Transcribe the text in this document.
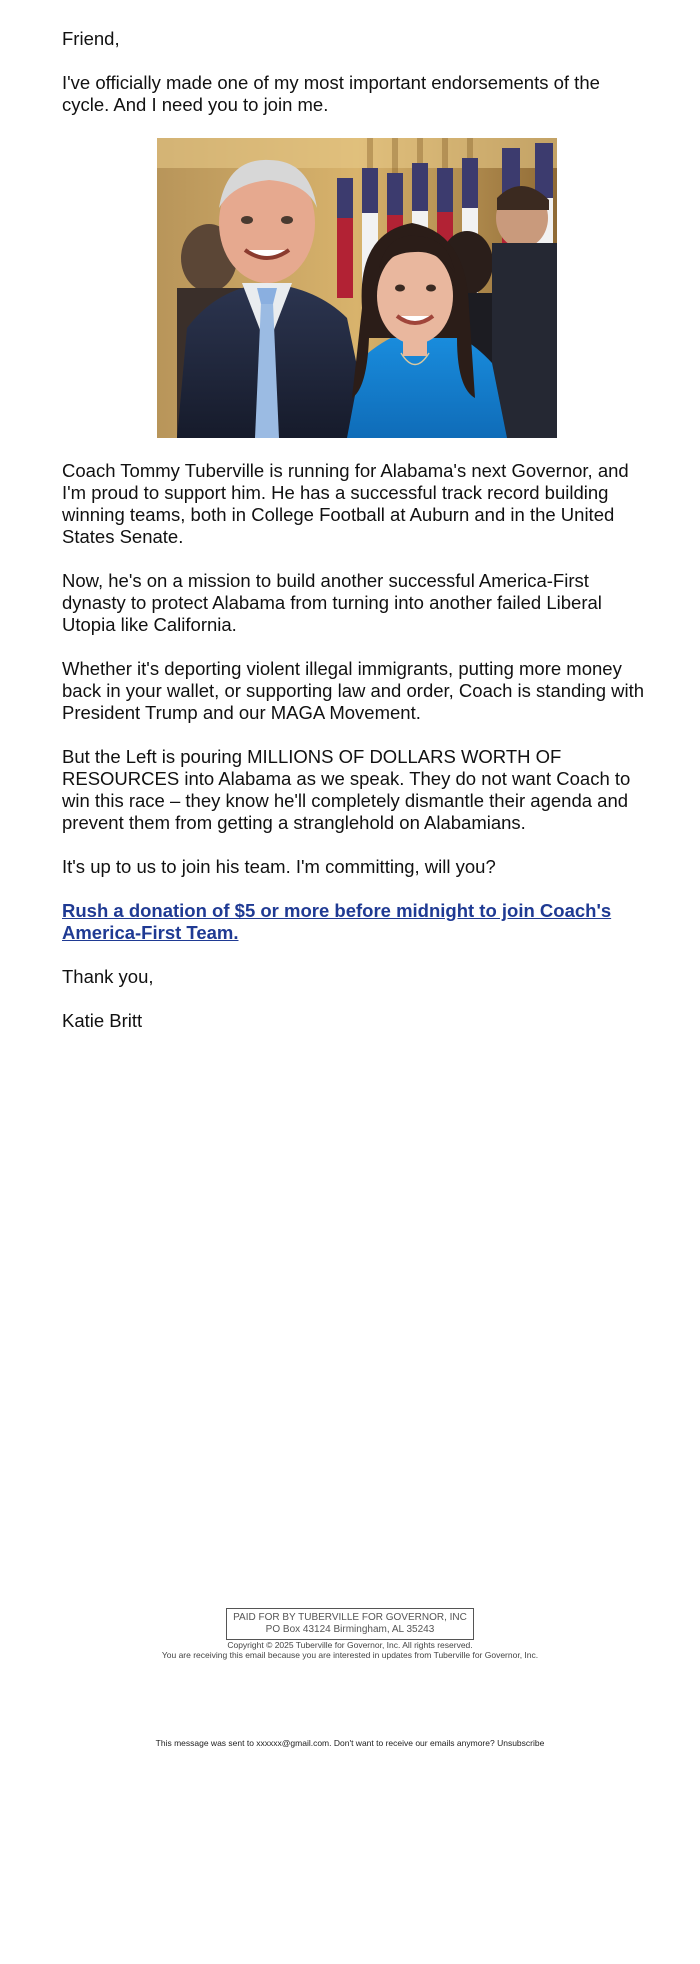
Friend,

I've officially made one of my most important endorsements of the cycle. And I need you to join me.

Coach Tommy Tuberville is running for Alabama's next Governor, and I'm proud to support him. He has a successful track record building winning teams, both in College Football at Auburn and in the United States Senate.

Now, he's on a mission to build another successful America-First dynasty to protect Alabama from turning into another failed Liberal Utopia like California.

Whether it's deporting violent illegal immigrants, putting more money back in your wallet, or supporting law and order, Coach is standing with President Trump and our MAGA Movement.

But the Left is pouring MILLIONS OF DOLLARS WORTH OF RESOURCES into Alabama as we speak. They do not want Coach to win this race – they know he'll completely dismantle their agenda and prevent them from getting a stranglehold on Alabamians.

It's up to us to join his team. I'm committing, will you?

Rush a donation of $5 or more before midnight to join Coach's America-First Team.

Thank you,

Katie Britt

PAID FOR BY TUBERVILLE FOR GOVERNOR, INC
PO Box 43124 Birmingham, AL 35243
Copyright © 2025 Tuberville for Governor, Inc. All rights reserved.
You are receiving this email because you are interested in updates from Tuberville for Governor, Inc.
This message was sent to xxxxxx@gmail.com. Don't want to receive our emails anymore? Unsubscribe
